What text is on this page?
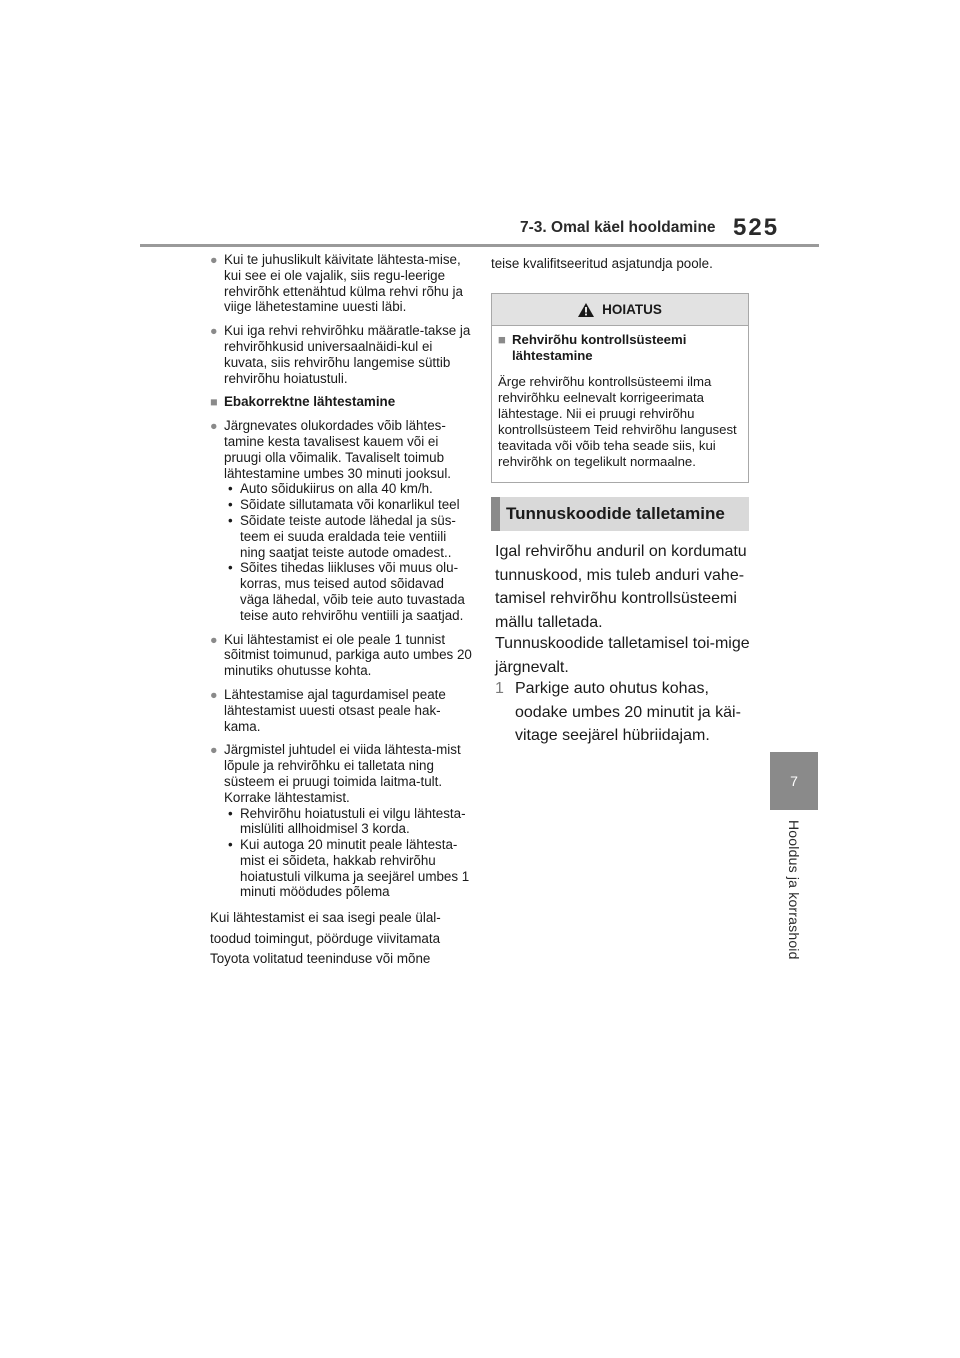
7-3. Omal käel hooldamine 525
7
Hooldus ja korrashoid
● Kui te juhuslikult käivitate lähtesta-mise, kui see ei ole vajalik, siis regu-leerige rehvirõhk ettenähtud külma rehvi rõhu ja viige lähetestamine uuesti läbi.
● Kui iga rehvi rehvirõhku määratle-takse ja rehvirõhkusid universaalnäidi-kul ei kuvata, siis rehvirõhu langemise süttib rehvirõhu hoiatustuli.
■ Ebakorrektne lähtestamine
● Järgnevates olukordades võib lähtes-tamine kesta tavalisest kauem või ei pruugi olla võimalik. Tavaliselt toimub lähtestamine umbes 30 minuti jooksul.
• Auto sõidukiirus on alla 40 km/h.
• Sõidate sillutamata või konarlikul teel
• Sõidate teiste autode lähedal ja süs-teem ei suuda eraldada teie ventiili ning saatjat teiste autode omadest..
• Sõites tihedas liikluses või muus olu-korras, mus teised autod sõidavad väga lähedal, võib teie auto tuvastada teise auto rehvirõhu ventiili ja saatjad.
● Kui lähtestamist ei ole peale 1 tunnist sõitmist toimunud, parkiga auto umbes 20 minutiks ohutusse kohta.
● Lähtestamise ajal tagurdamisel peate lähtestamist uuesti otsast peale hak-kama.
● Järgmistel juhtudel ei viida lähtesta-mist lõpule ja rehvirõhku ei talletata ning süsteem ei pruugi toimida laitma-tult. Korrake lähtestamist.
• Rehvirõhu hoiatustuli ei vilgu lähtesta-mislüliti allhoidmisel 3 korda.
• Kui autoga 20 minutit peale lähtesta-mist ei sõideta, hakkab rehvirõhu hoiatustuli vilkuma ja seejärel umbes 1 minuti möödudes põlema
Kui lähtestamist ei saa isegi peale ülal-toodud toimingut, pöörduge viivitamata Toyota volitatud teeninduse või mõne
teise kvalifitseeritud asjatundja poole.
HOIATUS
■ Rehvirõhu kontrollsüsteemi lähtestamine
Ärge rehvirõhu kontrollsüsteemi ilma rehvirõhku eelnevalt korrigeerimata lähtestage. Nii ei pruugi rehvirõhu kontrollsüsteem Teid rehvirõhu langusest teavitada või võib teha seade siis, kui rehvirõhk on tegelikult normaalne.
Tunnuskoodide talletamine
Igal rehvirõhu anduril on kordumatu tunnuskood, mis tuleb anduri vahe-tamisel rehvirõhu kontrollsüsteemi mällu talletada.
Tunnuskoodide talletamisel toi-mige järgnevalt.
1 Parkige auto ohutus kohas, oodake umbes 20 minutit ja käi-vitage seejärel hübriidajam.
